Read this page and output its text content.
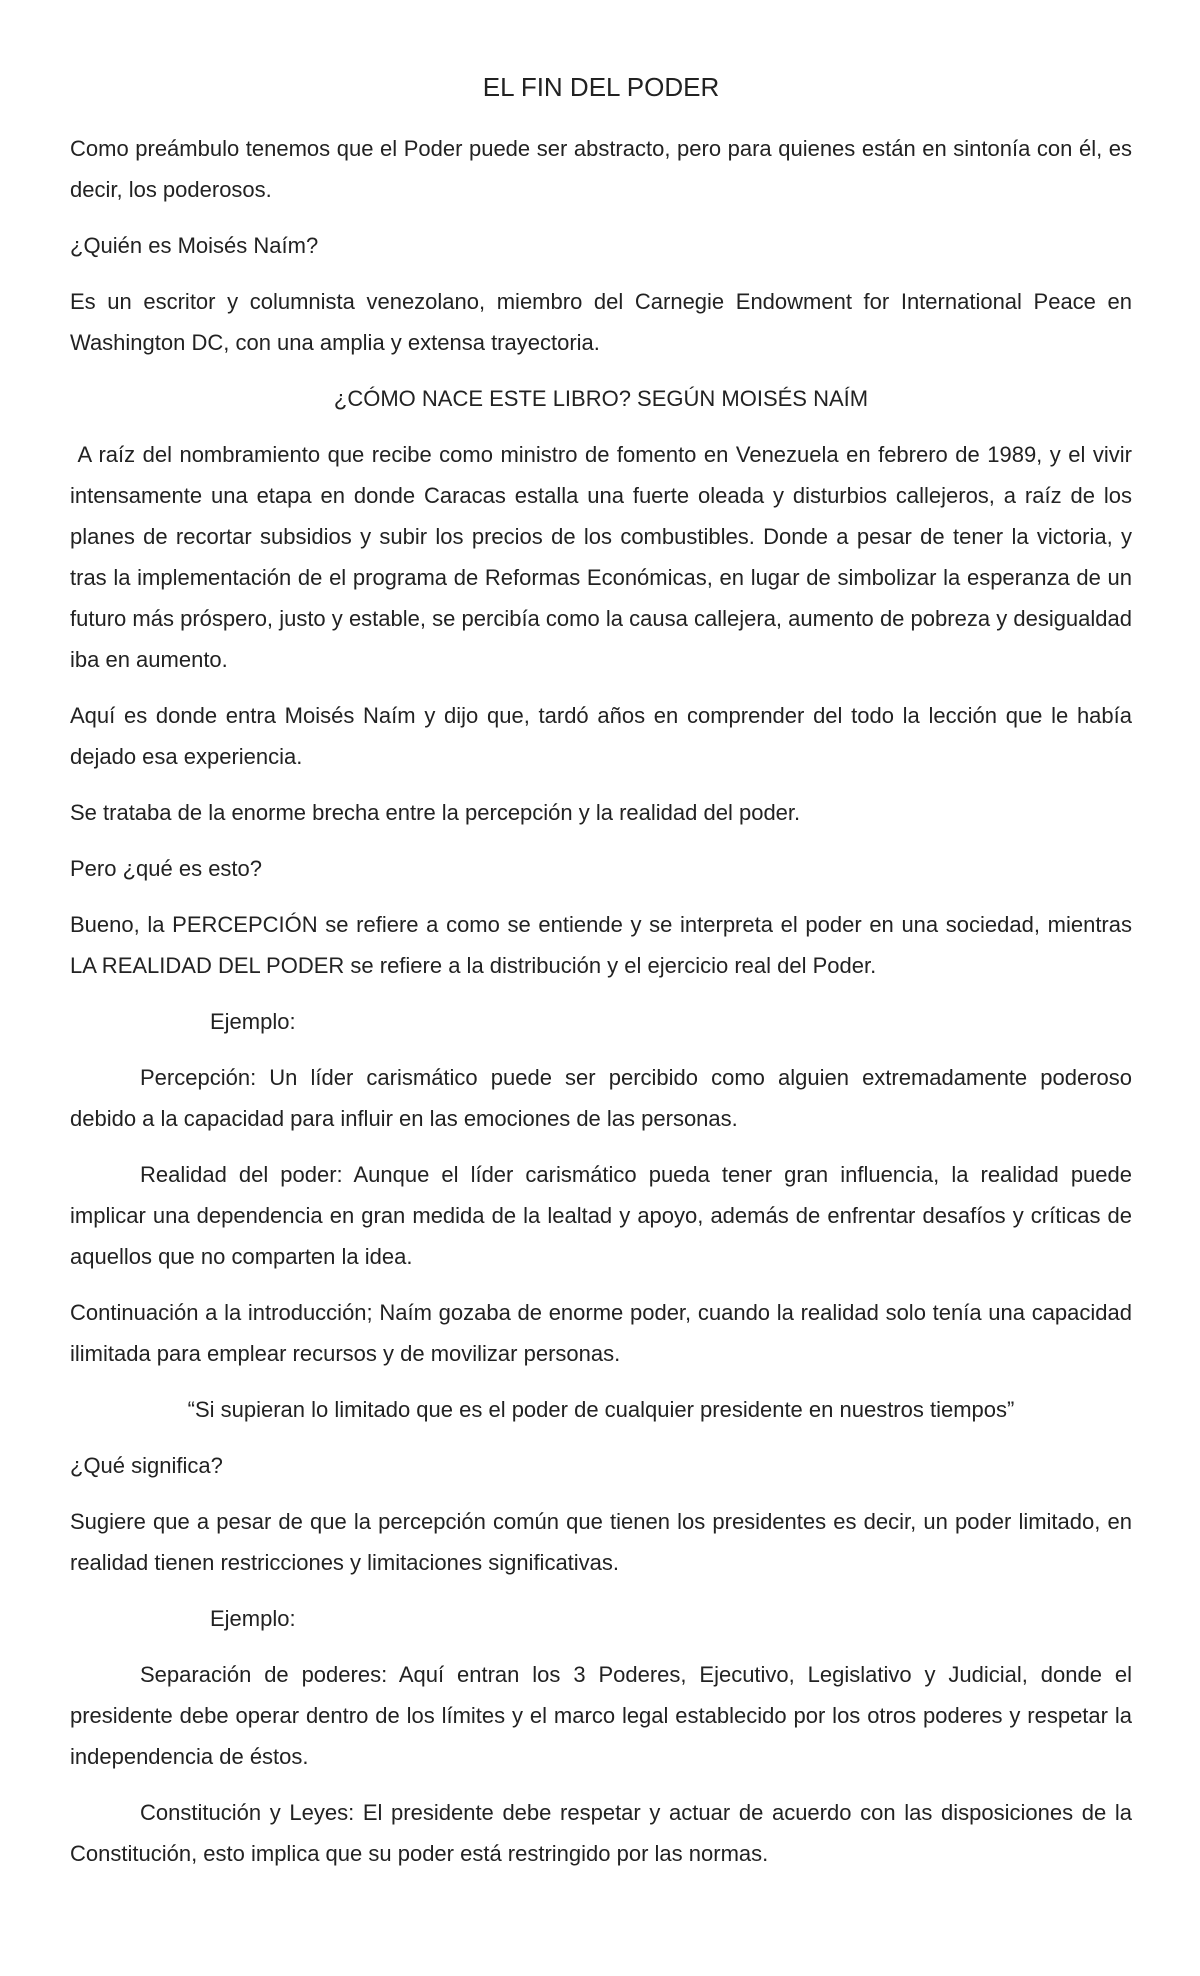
EL FIN DEL PODER

Como preámbulo tenemos que el Poder puede ser abstracto, pero para quienes están en sintonía con él, es decir, los poderosos.

¿Quién es Moisés Naím?

Es un escritor y columnista venezolano, miembro del Carnegie Endowment for International Peace en Washington DC, con una amplia y extensa trayectoria.

¿CÓMO NACE ESTE LIBRO? SEGÚN MOISÉS NAÍM

A raíz del nombramiento que recibe como ministro de fomento en Venezuela en febrero de 1989, y el vivir intensamente una etapa en donde Caracas estalla una fuerte oleada y disturbios callejeros, a raíz de los planes de recortar subsidios y subir los precios de los combustibles. Donde a pesar de tener la victoria, y tras la implementación de el programa de Reformas Económicas, en lugar de simbolizar la esperanza de un futuro más próspero, justo y estable, se percibía como la causa callejera, aumento de pobreza y desigualdad iba en aumento.

Aquí es donde entra Moisés Naím y dijo que, tardó años en comprender del todo la lección que le había dejado esa experiencia.

Se trataba de la enorme brecha entre la percepción y la realidad del poder.

Pero ¿qué es esto?

Bueno, la PERCEPCIÓN se refiere a como se entiende y se interpreta el poder en una sociedad, mientras LA REALIDAD DEL PODER se refiere a la distribución y el ejercicio real del Poder.

Ejemplo:

Percepción: Un líder carismático puede ser percibido como alguien extremadamente poderoso debido a la capacidad para influir en las emociones de las personas.

Realidad del poder: Aunque el líder carismático pueda tener gran influencia, la realidad puede implicar una dependencia en gran medida de la lealtad y apoyo, además de enfrentar desafíos y críticas de aquellos que no comparten la idea.

Continuación a la introducción; Naím gozaba de enorme poder, cuando la realidad solo tenía una capacidad ilimitada para emplear recursos y de movilizar personas.

“Si supieran lo limitado que es el poder de cualquier presidente en nuestros tiempos”

¿Qué significa?

Sugiere que a pesar de que la percepción común que tienen los presidentes es decir, un poder limitado, en realidad tienen restricciones y limitaciones significativas.

Ejemplo:

Separación de poderes: Aquí entran los 3 Poderes, Ejecutivo, Legislativo y Judicial, donde el presidente debe operar dentro de los límites y el marco legal establecido por los otros poderes y respetar la independencia de éstos.

Constitución y Leyes: El presidente debe respetar y actuar de acuerdo con las disposiciones de la Constitución, esto implica que su poder está restringido por las normas.
